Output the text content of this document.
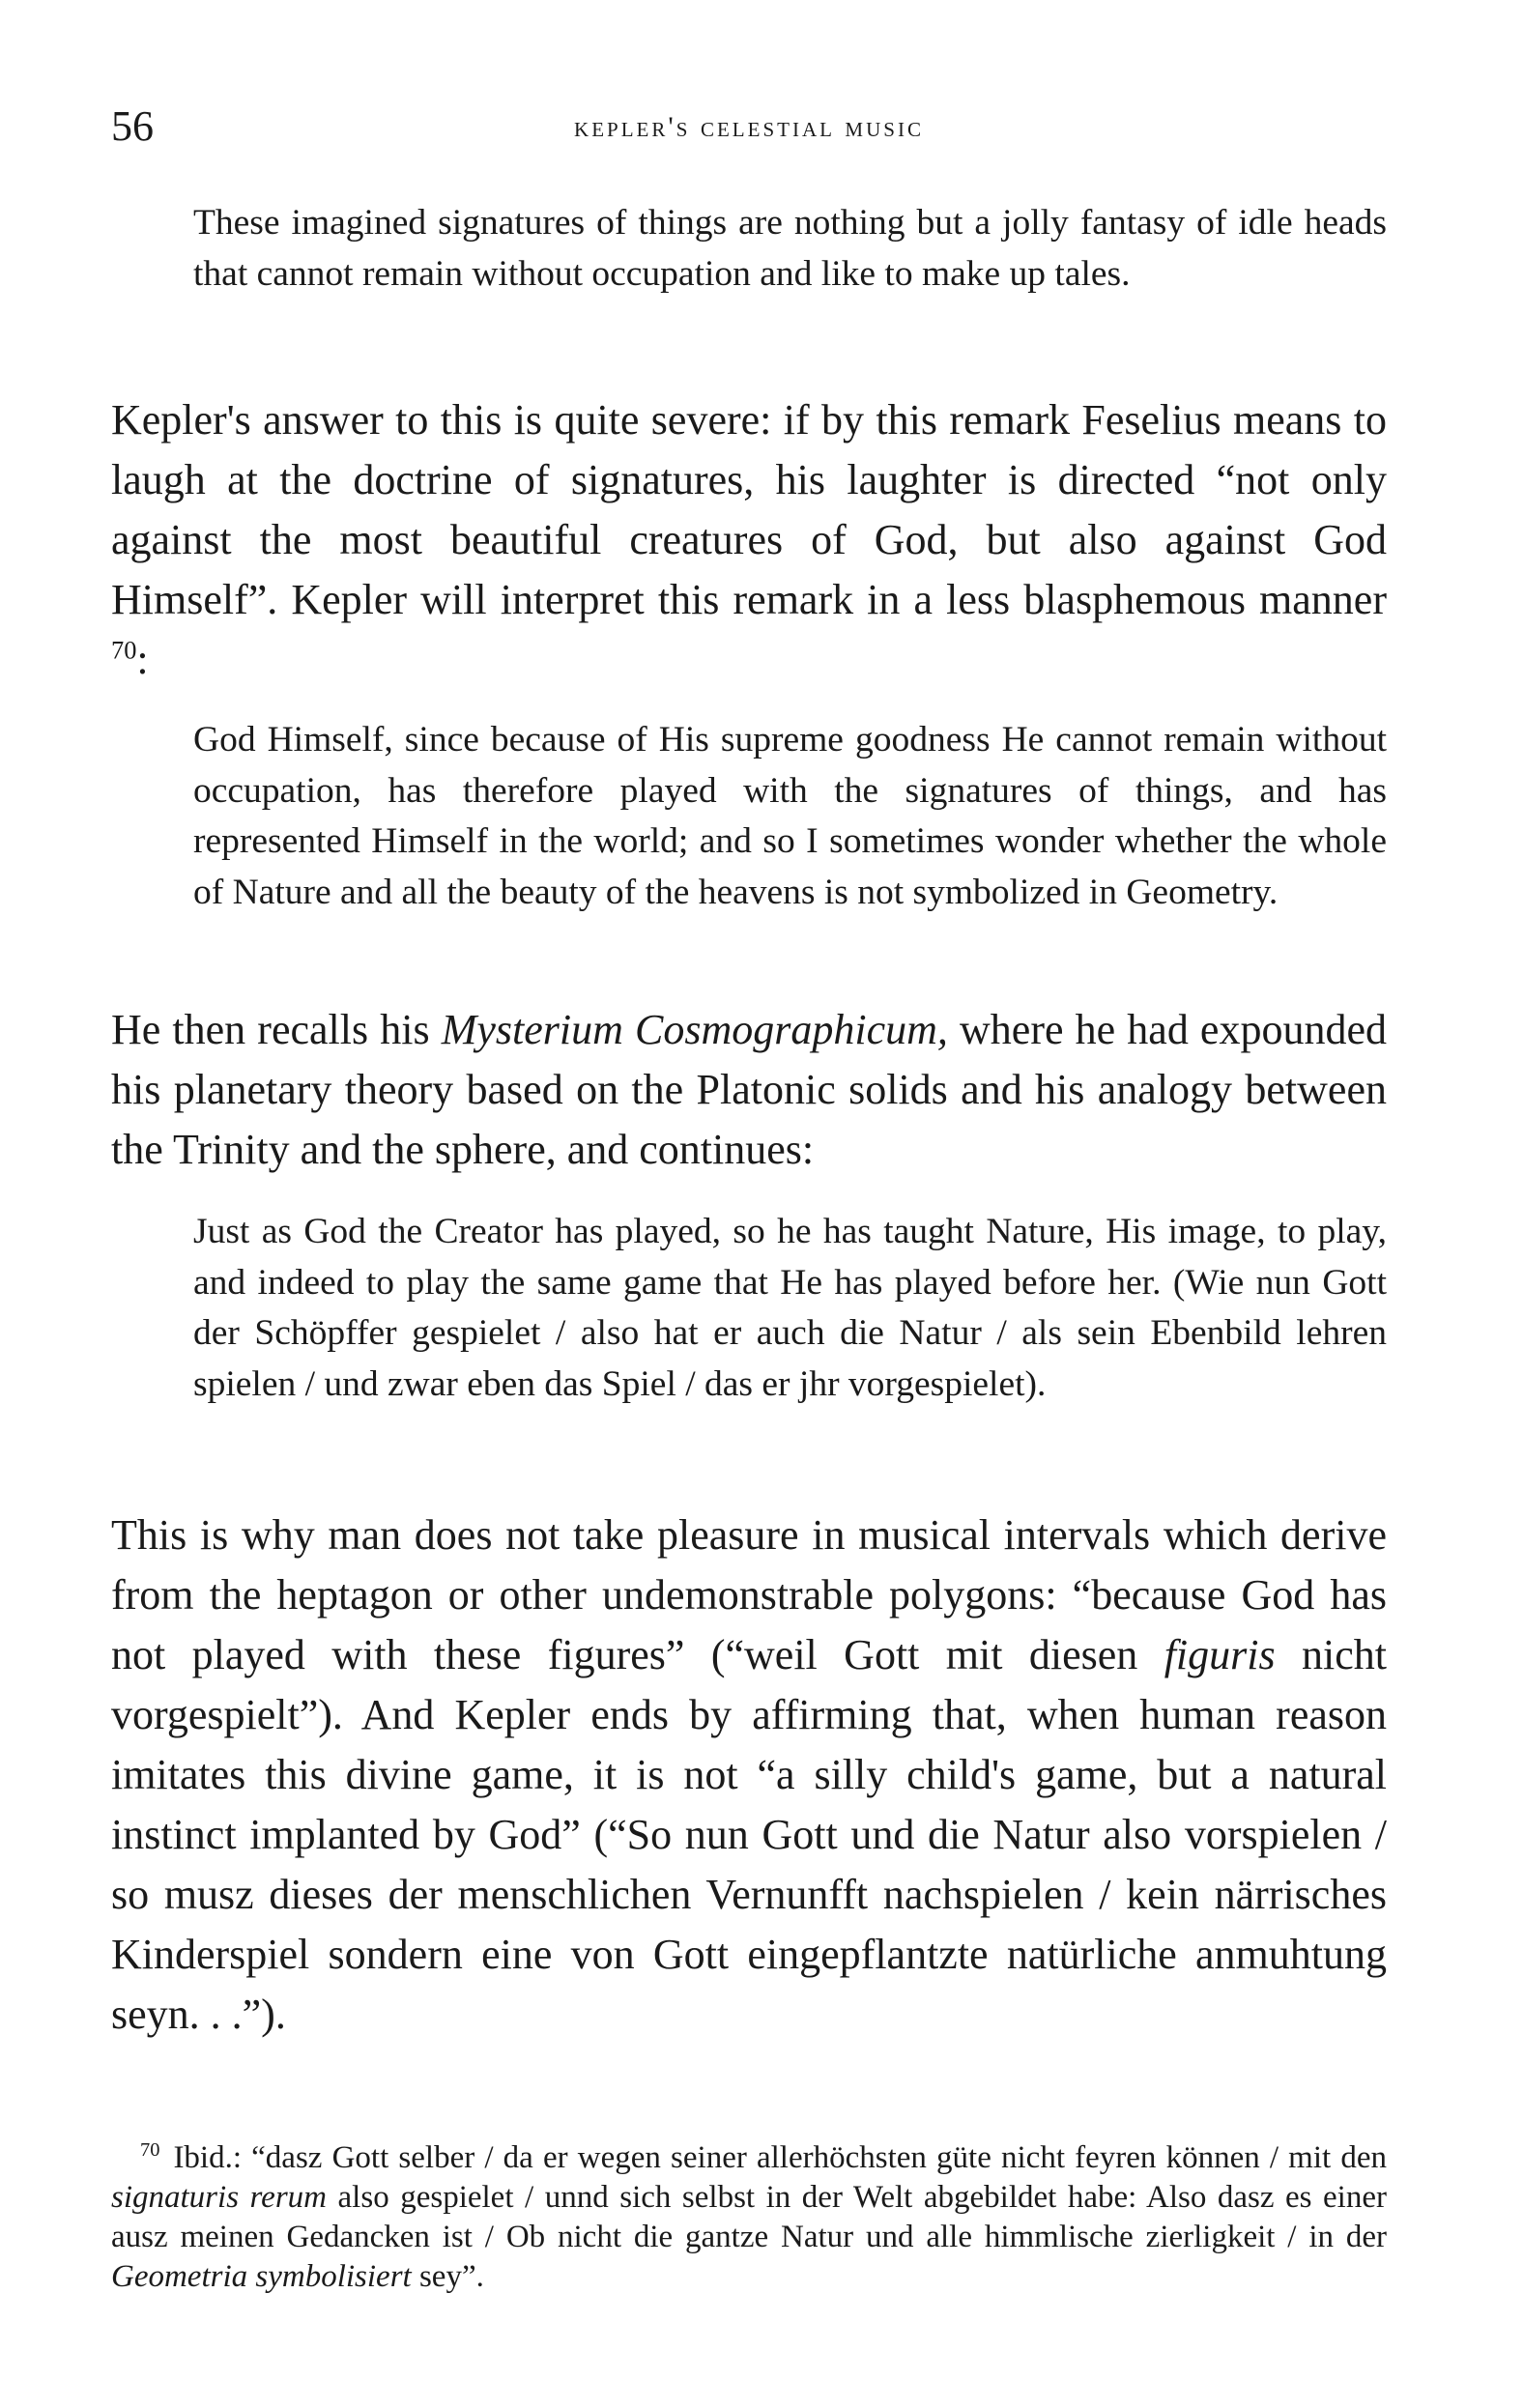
56	kepler's celestial music

These imagined signatures of things are nothing but a jolly fantasy of idle heads that cannot remain without occupation and like to make up tales.

Kepler's answer to this is quite severe: if by this remark Feselius means to laugh at the doctrine of signatures, his laughter is directed “not only against the most beautiful creatures of God, but also against God Himself”. Kepler will interpret this remark in a less blasphemous manner $^{70}$:

God Himself, since because of His supreme goodness He cannot remain without occupation, has therefore played with the signatures of things, and has represented Himself in the world; and so I sometimes wonder whether the whole of Nature and all the beauty of the heavens is not symbolized in Geometry.

He then recalls his Mysterium Cosmographicum, where he had expounded his planetary theory based on the Platonic solids and his analogy between the Trinity and the sphere, and continues:

Just as God the Creator has played, so he has taught Nature, His image, to play, and indeed to play the same game that He has played before her. (Wie nun Gott der Schöpffer gespielet / also hat er auch die Natur / als sein Ebenbild lehren spielen / und zwar eben das Spiel / das er jhr vorgespielet).

This is why man does not take pleasure in musical intervals which derive from the heptagon or other undemonstrable polygons: “because God has not played with these figures” (“weil Gott mit diesen figuris nicht vorgespielt”). And Kepler ends by affirming that, when human reason imitates this divine game, it is not “a silly child's game, but a natural instinct implanted by God” (“So nun Gott und die Natur also vorspielen / so musz dieses der menschlichen Vernunfft nachspielen / kein närrisches Kinderspiel sondern eine von Gott eingepflantzte natürliche anmuhtung seyn. . .”).

$^{70}$ Ibid.: “dasz Gott selber / da er wegen seiner allerhöchsten güte nicht feyren können / mit den signaturis rerum also gespielet / unnd sich selbst in der Welt abgebildet habe: Also dasz es einer ausz meinen Gedancken ist / Ob nicht die gantze Natur und alle himmlische zierligkeit / in der Geometria symbolisiert sey”.
